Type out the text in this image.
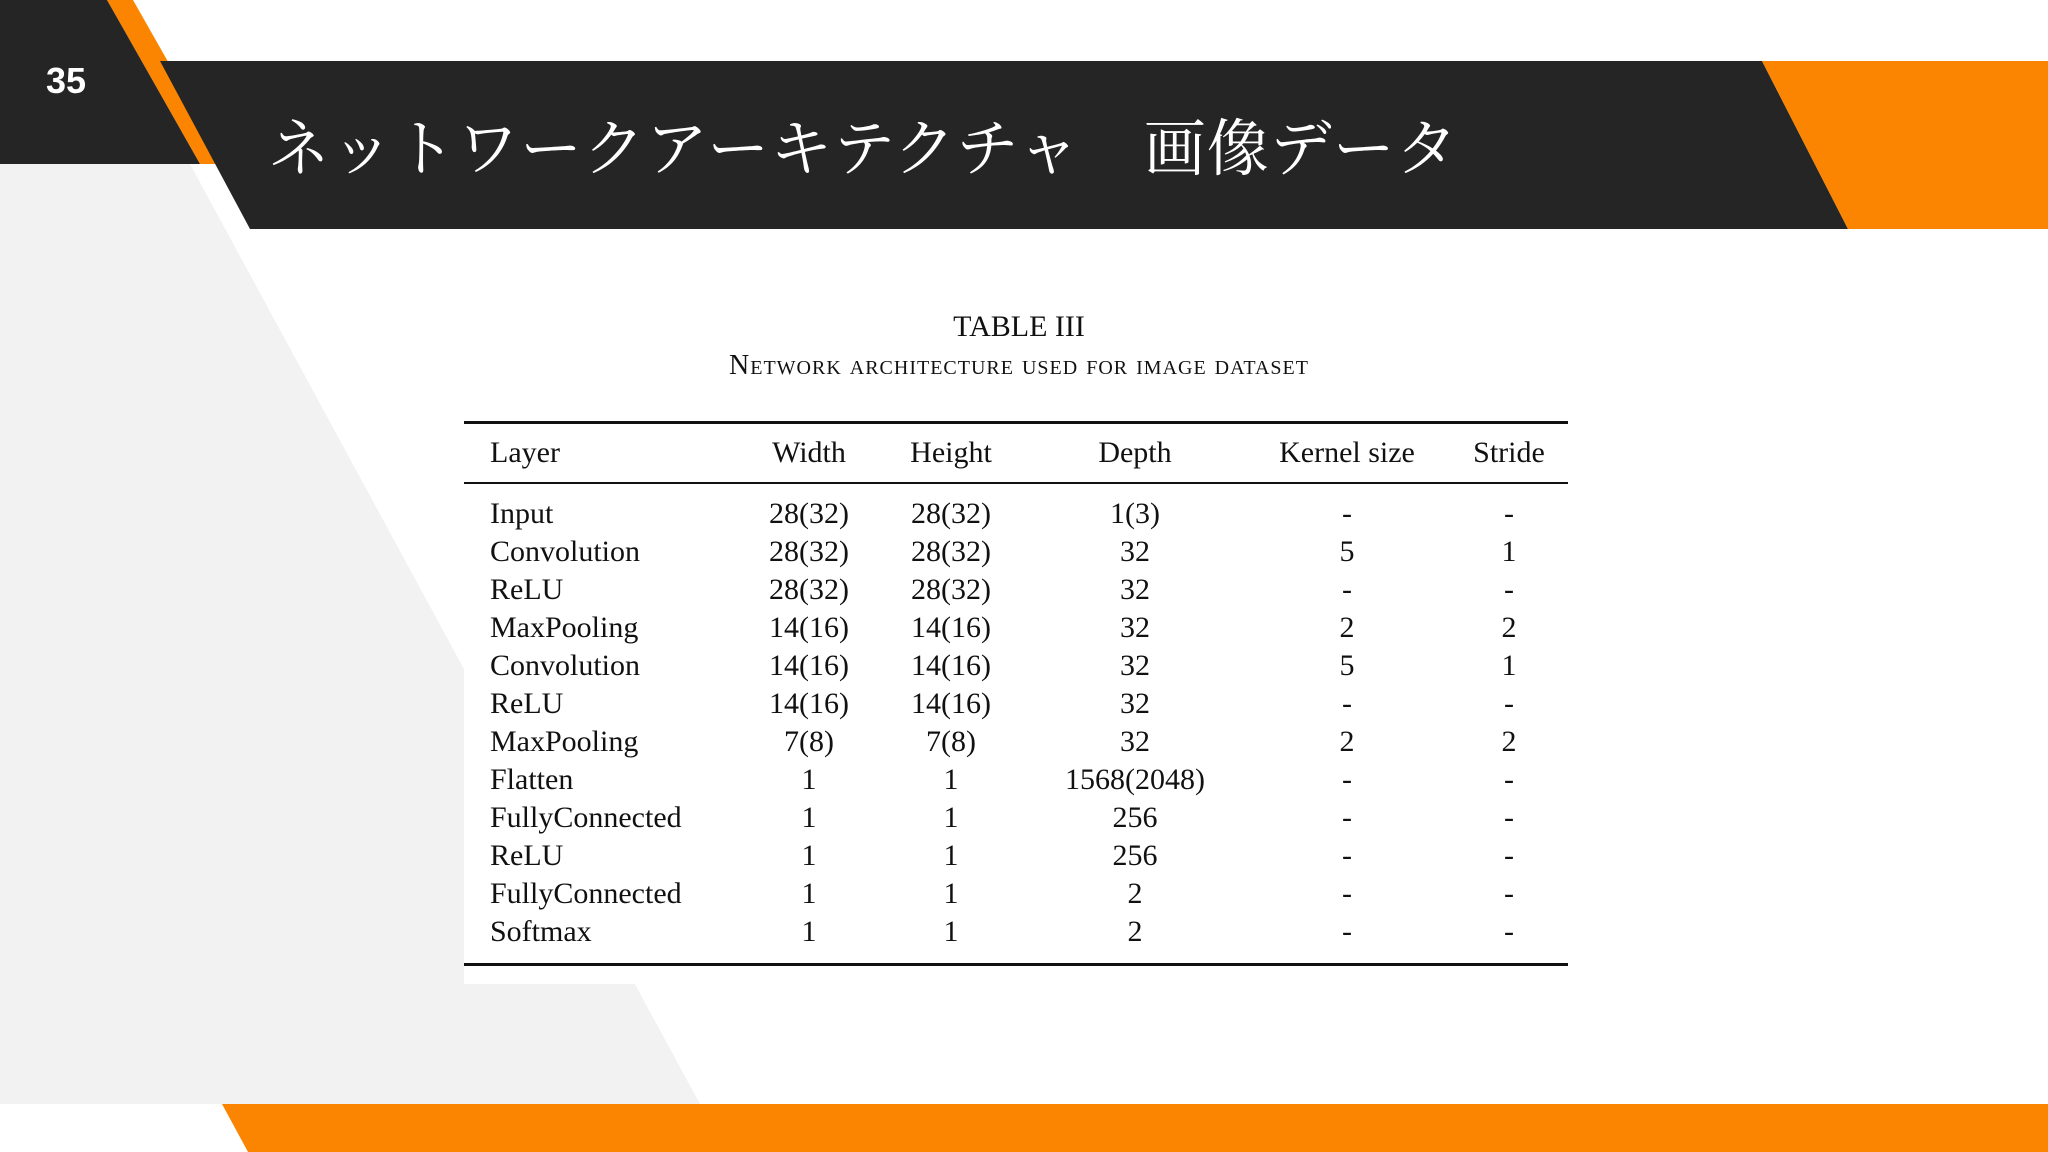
35
ネットワークアーキテクチャ　画像データ
TABLE III
Network architecture used for image dataset
Layer	Width	Height	Depth	Kernel size	Stride
Input	28(32)	28(32)	1(3)	-	-
Convolution	28(32)	28(32)	32	5	1
ReLU	28(32)	28(32)	32	-	-
MaxPooling	14(16)	14(16)	32	2	2
Convolution	14(16)	14(16)	32	5	1
ReLU	14(16)	14(16)	32	-	-
MaxPooling	7(8)	7(8)	32	2	2
Flatten	1	1	1568(2048)	-	-
FullyConnected	1	1	256	-	-
ReLU	1	1	256	-	-
FullyConnected	1	1	2	-	-
Softmax	1	1	2	-	-
